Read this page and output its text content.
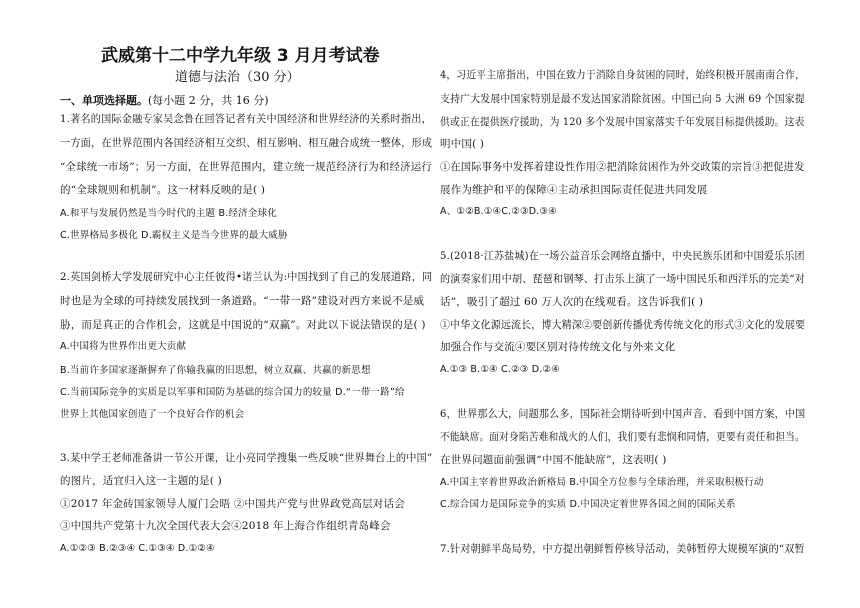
武威第十二中学九年级 3 月月考试卷
道德与法治（30 分）
一、单项选择题。(每小题 2 分，共 16 分)
1.著名的国际金融专家吴念鲁在回答记者有关中国经济和世界经济的关系时指出，
一方面，在世界范围内各国经济相互交织、相互影响、相互融合成统一整体，形成
“全球统一市场”；另一方面，在世界范围内，建立统一规范经济行为和经济运行
的“全球规则和机制”。这一材料反映的是( )
A.和平与发展仍然是当今时代的主题 B.经济全球化
C.世界格局多极化 D.霸权主义是当今世界的最大威胁
2.英国剑桥大学发展研究中心主任彼得•诺兰认为:中国找到了自己的发展道路，同
时也是为全球的可持续发展找到一条道路。“一带一路”建设对西方来说不是威
胁，而是真正的合作机会，这就是中国说的“双赢”。对此以下说法错误的是( )
A.中国将为世界作出更大贡献
B.当前许多国家逐渐摒弃了你输我赢的旧思想，树立双赢、共赢的新思想
C.当前国际竞争的实质是以军事和国防为基础的综合国力的较量 D.“一带一路”给
世界上其他国家创造了一个良好合作的机会
3.某中学王老师准备讲一节公开课，让小亮同学搜集一些反映“世界舞台上的中国”
的图片，适宜归入这一主题的是( )
①2017 年金砖国家领导人厦门会晤 ②中国共产党与世界政党高层对话会
③中国共产党第十九次全国代表大会④2018 年上海合作组织青岛峰会
A.①②③ B.②③④ C.①③④ D.①②④
4，习近平主席指出，中国在致力于消除自身贫困的同时，始终积极开展南南合作，
支持广大发展中国家特别是最不发达国家消除贫困。中国已向 5 大洲 69 个国家提
供或正在提供医疗援助，为 120 多个发展中国家落实千年发展目标提供援助。这表
明中国( )
①在国际事务中发挥着建设性作用②把消除贫困作为外交政策的宗旨③把促进发
展作为维护和平的保障④主动承担国际责任促进共同发展
A、①②B.①④C.②③D.③④
5.(2018·江苏盐城)在一场公益音乐会网络直播中，中央民族乐团和中国爱乐乐团
的演奏家们用中胡、琵琶和钢琴、打击乐上演了一场中国民乐和西洋乐的完美“对
话”，吸引了超过 60 万人次的在线观看。这告诉我们( )
①中华文化源远流长，博大精深②要创新传播优秀传统文化的形式③文化的发展要
加强合作与交流④要区别对待传统文化与外来文化
A.①③ B.①④ C.②③ D.②④
6，世界那么大，问题那么多，国际社会期待听到中国声音、看到中国方案，中国
不能缺席。面对身陷苦难和战火的人们，我们要有悲悯和同情，更要有责任和担当。
在世界问题面前强调“中国不能缺席”，这表明( )
A.中国主宰着世界政治新格局 B.中国全方位参与全球治理，并采取积极行动
C.综合国力是国际竞争的实质 D.中国决定着世界各国之间的国际关系
7.针对朝鲜半岛局势，中方提出朝鲜暂停核导活动，美韩暂停大规模军演的“双暂
